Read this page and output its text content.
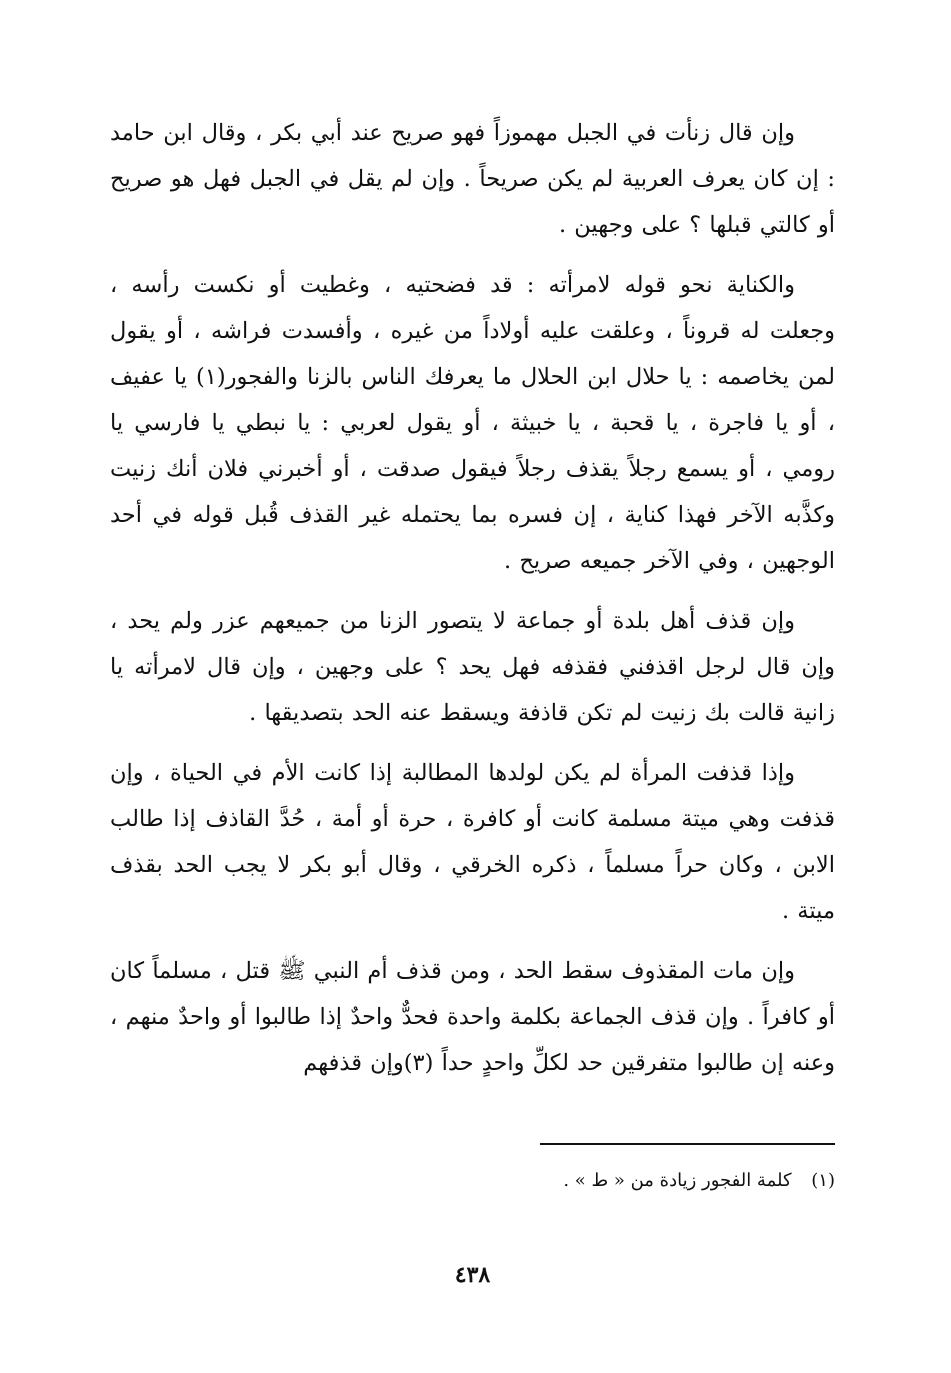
وإن قال زنأت في الجبل مهموزاً فهو صريح عند أبي بكر ، وقال ابن حامد : إن كان يعرف العربية لم يكن صريحاً . وإن لم يقل في الجبل فهل هو صريح أو كالتي قبلها ؟ على وجهين .

والكناية نحو قوله لامرأته : قد فضحتيه ، وغطيت أو نكست رأسه ، وجعلت له قروناً ، وعلقت عليه أولاداً من غيره ، وأفسدت فراشه ، أو يقول لمن يخاصمه : يا حلال ابن الحلال ما يعرفك الناس بالزنا والفجور(١) يا عفيف ، أو يا فاجرة ، يا قحبة ، يا خبيثة ، أو يقول لعربي : يا نبطي يا فارسي يا رومي ، أو يسمع رجلاً يقذف رجلاً فيقول صدقت ، أو أخبرني فلان أنك زنيت وكذَّبه الآخر فهذا كناية ، إن فسره بما يحتمله غير القذف قُبل قوله في أحد الوجهين ، وفي الآخر جميعه صريح .

وإن قذف أهل بلدة أو جماعة لا يتصور الزنا من جميعهم عزر ولم يحد ، وإن قال لرجل اقذفني فقذفه فهل يحد ؟ على وجهين ، وإن قال لامرأته يا زانية قالت بك زنيت لم تكن قاذفة ويسقط عنه الحد بتصديقها .

وإذا قذفت المرأة لم يكن لولدها المطالبة إذا كانت الأم في الحياة ، وإن قذفت وهي ميتة مسلمة كانت أو كافرة ، حرة أو أمة ، حُدَّ القاذف إذا طالب الابن ، وكان حراً مسلماً ، ذكره الخرقي ، وقال أبو بكر لا يجب الحد بقذف ميتة .

وإن مات المقذوف سقط الحد ، ومن قذف أم النبي ﷺ قتل ، مسلماً كان أو كافراً . وإن قذف الجماعة بكلمة واحدة فحدٌّ واحدٌ إذا طالبوا أو واحدٌ منهم ، وعنه إن طالبوا متفرقين حد لكلِّ واحدٍ حداً (٣)وإن قذفهم

(١) كلمة الفجور زيادة من « ط » .
٤٣٨
